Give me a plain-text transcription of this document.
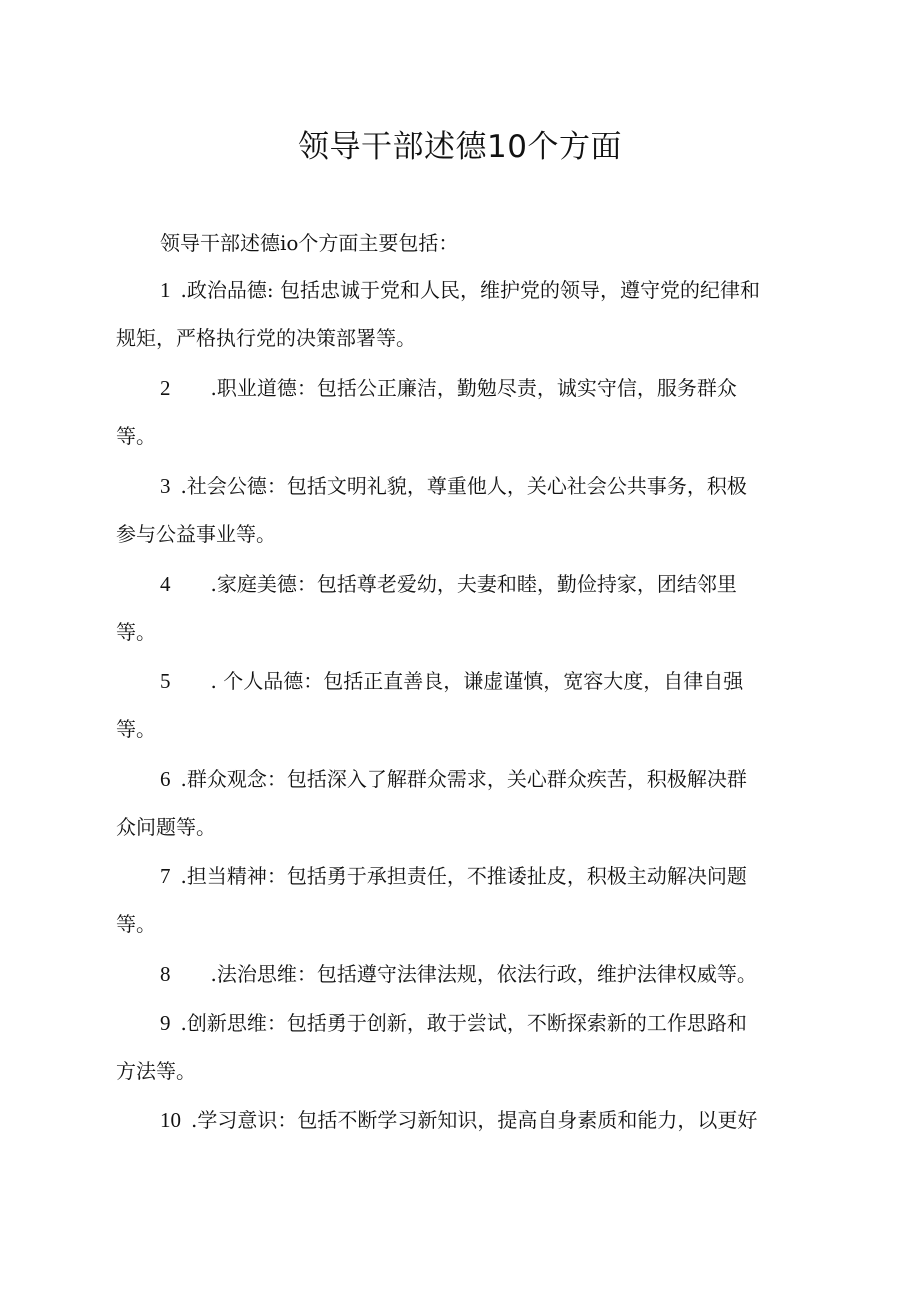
领导干部述德10个方面
领导干部述德io个方面主要包括：
1 .政治品德: 包括忠诚于党和人民，维护党的领导，遵守党的纪律和
规矩，严格执行党的决策部署等。
2 .职业道德：包括公正廉洁，勤勉尽责，诚实守信，服务群众
等。
3 .社会公德：包括文明礼貌，尊重他人，关心社会公共事务，积极
参与公益事业等。
4 .家庭美德：包括尊老爱幼，夫妻和睦，勤俭持家，团结邻里
等。
5 . 个人品德：包括正直善良，谦虚谨慎，宽容大度，自律自强
等。
6 .群众观念：包括深入了解群众需求，关心群众疾苦，积极解决群
众问题等。
7 .担当精神：包括勇于承担责任，不推诿扯皮，积极主动解决问题
等。
8 .法治思维：包括遵守法律法规，依法行政，维护法律权威等。
9 .创新思维：包括勇于创新，敢于尝试，不断探索新的工作思路和
方法等。
10 .学习意识：包括不断学习新知识，提高自身素质和能力，以更好
